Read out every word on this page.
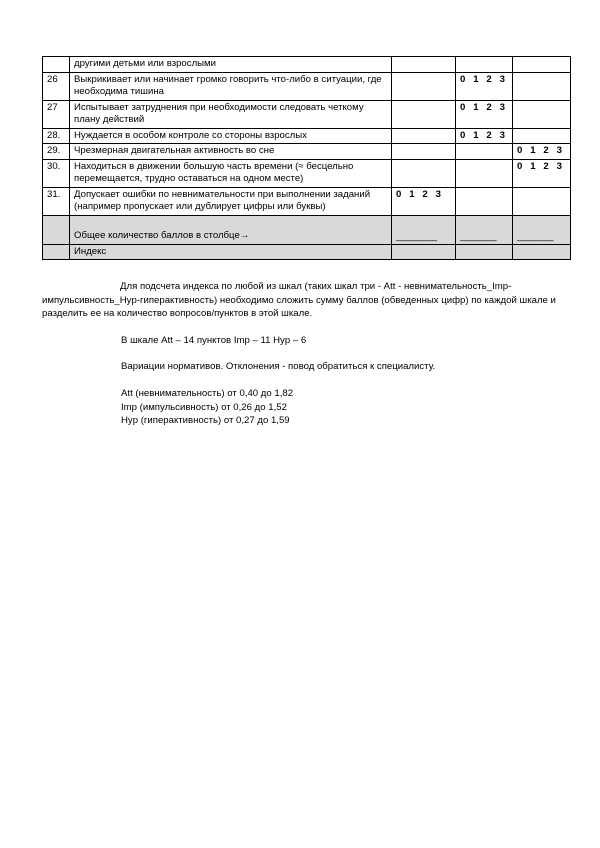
	другими детьми или взрослыми			
26	Выкрикивает или начинает громко говорить что-либо в ситуации, где необходима тишина		0 1 2 3	
27	Испытывает затруднения при необходимости следовать четкому плану действий		0 1 2 3	
28.	Нуждается в особом контроле со стороны взрослых		0 1 2 3	
29.	Чрезмерная двигательная активность во сне			0 1 2 3
30.	Находиться в движении большую часть времени (≈ бесцельно перемещается, трудно оставаться на одном месте)			0 1 2 3
31.	Допускает ошибки по невнимательности при выполнении заданий (например пропускает или дублирует цифры или буквы)	0 1 2 3		
	Общее количество баллов в столбце→	_________	________	________
	Индекс			

Для подсчета индекса по любой из шкал (таких шкал три - Att - невнимательность_Imp-импульсивность_Hyp-гиперактивность) необходимо сложить сумму баллов (обведенных цифр) по каждой шкале и разделить ее на количество вопросов/пунктов в этой шкале.

В шкале Att – 14 пунктов Imp – 11 Hyp – 6
Вариации нормативов. Отклонения - повод обратиться к специалисту.
Att (невнимательность) от 0,40 до 1,82
Imp (импульсивность) от 0,26 до 1,52
Hyp (гиперактивность) от 0,27 до 1,59
